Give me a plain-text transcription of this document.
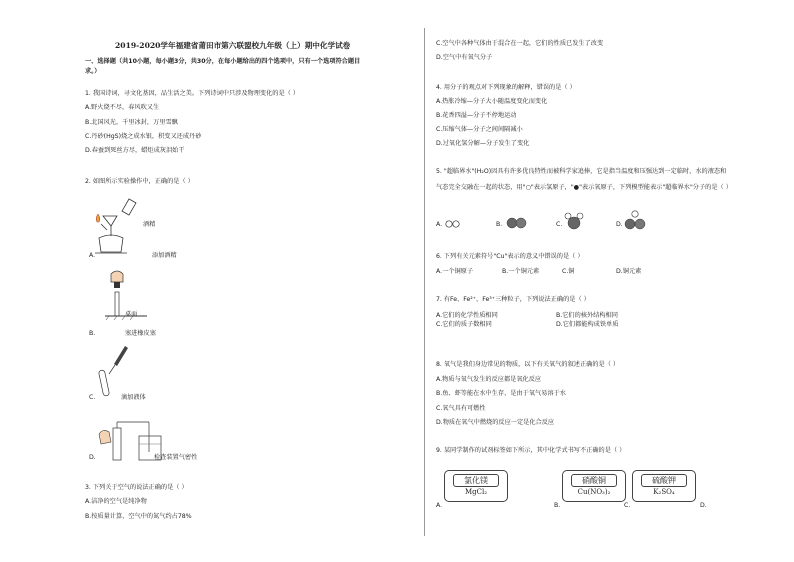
2019-2020学年福建省莆田市第六联盟校九年级（上）期中化学试卷
一、选择题（共10小题，每小题3分，共30分，在每小题给出的四个选项中，只有一个选项符合题目
求。）
1. 我国诗词，寻文化基因，品生活之美。下列诗词中只涉及物理变化的是（ ）
A.野火烧不尽，春风吹又生
B.北国风光，千里冰封，万里雪飘
C.丹砂(HgS)烧之成水银，积变又还成丹砂
D.春蚕到死丝方尽，蜡炬成灰泪始干
2. 如图所示实验操作中，正确的是（ ）
酒精
A.	添加酒精
桌面
B.	塞进橡皮塞
C.	滴加液体
D.	检查装置气密性
3. 下列关于空气的说法正确的是（ ）
A.洁净的空气是纯净物
B.按质量计算，空气中的氮气约占78%
C.空气中各种气体由于混合在一起，它们的性质已发生了改变
D.空气中有氧气分子
4. 用分子的观点对下列现象的解释，错误的是（ ）
A.热胀冷缩—分子大小随温度变化而变化
B.花香四溢—分子不停地运动
C.压缩气体—分子之间间隔减小
D.过氧化氢分解—分子发生了变化
5. "超临界水"(H₂O)因具有许多优良特性而被科学家追捧，它是指当温度和压强达到一定临时，水的液态和
气态完全交融在一起的状态，用"○"表示氢原子，"●"表示氧原子，下列模型能表示"超临界水"分子的是（ ）
A.	B.	C.	D.
6. 下列有关元素符号"Cu"表示的意义中错误的是（ ）
A.一个铜原子	B.一个铜元素	C.铜	D.铜元素
7. 有Fe、Fe²⁺、Fe³⁺三种粒子，下列说法正确的是（ ）
A.它们的化学性质相同	B.它们的核外结构相同
C.它们的质子数相同	D.它们都能构成铁单质
8. 氧气是我们身边常见的物质，以下有关氧气的叙述正确的是（ ）
A.物质与氧气发生的反应都是氧化反应
B.鱼、虾等能在水中生存，是由于氧气易溶于水
C.氧气具有可燃性
D.物质在氧气中燃烧的反应一定是化合反应
9. 某同学制作的试剂标签如下所示，其中化学式书写不正确的是（ ）
氯化镁
MgCl₂
A.
硝酸铜
Cu(NO₃)₂
B.
硫酸钾
K₂SO₄
C.	D.
